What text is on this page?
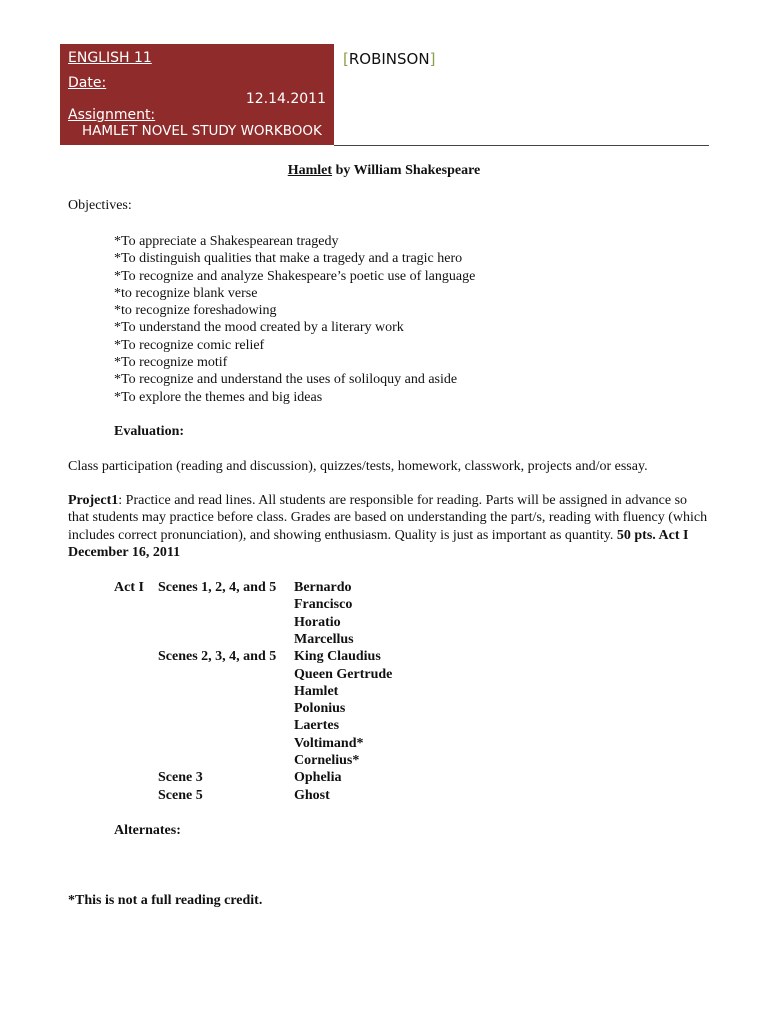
ENGLISH 11
Date:
12.14.2011
Assignment:
HAMLET NOVEL STUDY WORKBOOK
[ROBINSON]
Hamlet by William Shakespeare
Objectives:
*To appreciate a Shakespearean tragedy
*To distinguish qualities that make a tragedy and a tragic hero
*To recognize and analyze Shakespeare’s poetic use of language
*to recognize blank verse
*to recognize foreshadowing
*To understand the mood created by a literary work
*To recognize comic relief
*To recognize motif
*To recognize and understand the uses of soliloquy and aside
*To explore the themes and big ideas
Evaluation:
Class participation (reading and discussion), quizzes/tests, homework, classwork, projects and/or essay.
Project1: Practice and read lines. All students are responsible for reading. Parts will be assigned in advance so that students may practice before class. Grades are based on understanding the part/s, reading with fluency (which includes correct pronunciation), and showing enthusiasm. Quality is just as important as quantity. 50 pts. Act I December 16, 2011
Act I Scenes 1, 2, 4, and 5 Bernardo
Francisco
Horatio
Marcellus
Scenes 2, 3, 4, and 5 King Claudius
Queen Gertrude
Hamlet
Polonius
Laertes
Voltimand*
Cornelius*
Scene 3	Ophelia
Scene 5	Ghost
Alternates:
*This is not a full reading credit.
